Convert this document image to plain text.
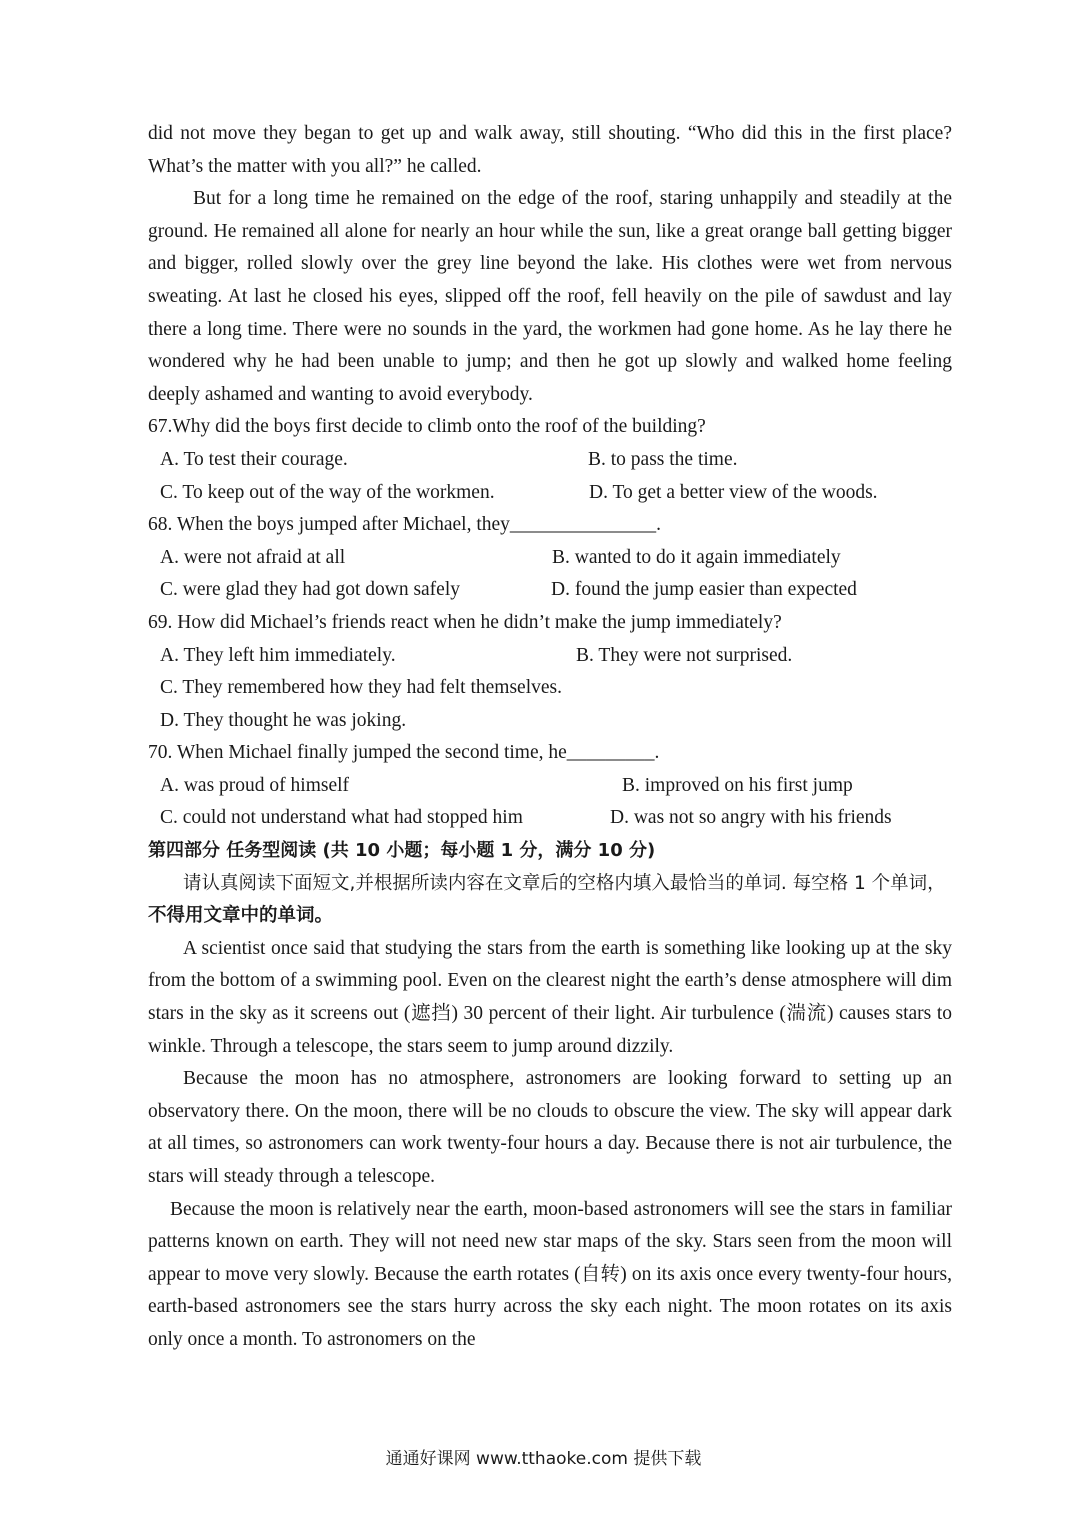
did not move they began to get up and walk away, still shouting. “Who did this in the first place? What’s the matter with you all?” he called.

But for a long time he remained on the edge of the roof, staring unhappily and steadily at the ground. He remained all alone for nearly an hour while the sun, like a great orange ball getting bigger and bigger, rolled slowly over the grey line beyond the lake. His clothes were wet from nervous sweating. At last he closed his eyes, slipped off the roof, fell heavily on the pile of sawdust and lay there a long time. There were no sounds in the yard, the workmen had gone home. As he lay there he wondered why he had been unable to jump; and then he got up slowly and walked home feeling deeply ashamed and wanting to avoid everybody.

67.Why did the boys first decide to climb onto the roof of the building?

A. To test their courage.	B. to pass the time.
C. To keep out of the way of the workmen.	D. To get a better view of the woods.

68. When the boys jumped after Michael, they_______________.

A. were not afraid at all	B. wanted to do it again immediately
C. were glad they had got down safely	D. found the jump easier than expected

69. How did Michael’s friends react when he didn’t make the jump immediately?

A. They left him immediately.	B. They were not surprised.
C. They remembered how they had felt themselves.
D. They thought he was joking.

70. When Michael finally jumped the second time, he_________.

A. was proud of himself	B. improved on his first jump
C. could not understand what had stopped him	D. was not so angry with his friends

第四部分 任务型阅读 (共 10 小题；每小题 1 分，满分 10 分)

请认真阅读下面短文,并根据所读内容在文章后的空格内填入最恰当的单词. 每空格 1 个单词，不得用文章中的单词。

A scientist once said that studying the stars from the earth is something like looking up at the sky from the bottom of a swimming pool. Even on the clearest night the earth’s dense atmosphere will dim stars in the sky as it screens out (遮挡) 30 percent of their light. Air turbulence (湍流) causes stars to winkle. Through a telescope, the stars seem to jump around dizzily.

Because the moon has no atmosphere, astronomers are looking forward to setting up an observatory there. On the moon, there will be no clouds to obscure the view. The sky will appear dark at all times, so astronomers can work twenty-four hours a day. Because there is not air turbulence, the stars will steady through a telescope.

Because the moon is relatively near the earth, moon-based astronomers will see the stars in familiar patterns known on earth. They will not need new star maps of the sky. Stars seen from the moon will appear to move very slowly. Because the earth rotates (自转) on its axis once every twenty-four hours, earth-based astronomers see the stars hurry across the sky each night. The moon rotates on its axis only once a month. To astronomers on the

通通好课网 www.tthaoke.com 提供下载
